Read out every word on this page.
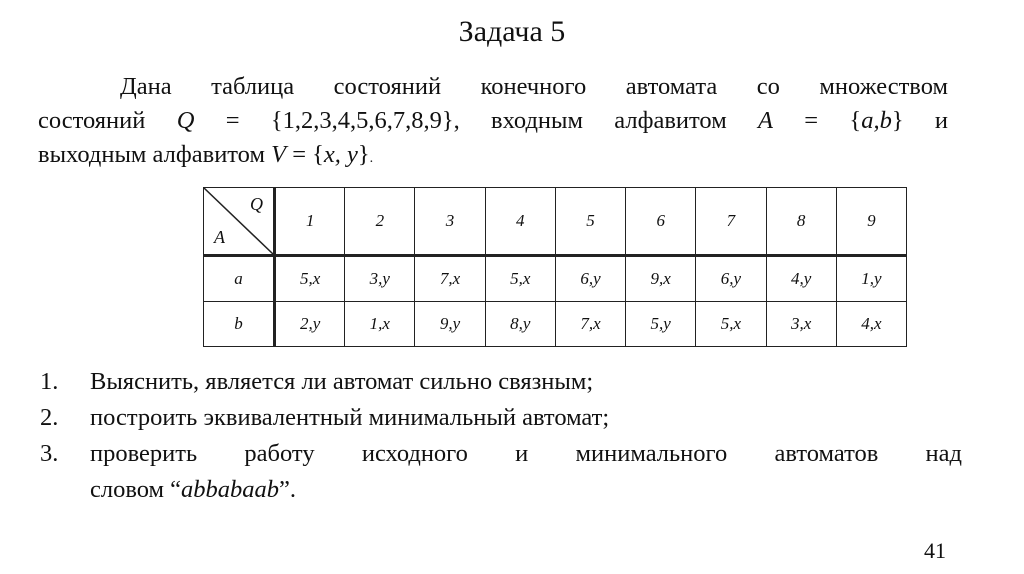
Задача 5
Дана таблица состояний конечного автомата со множеством
состояний Q = {1,2,3,4,5,6,7,8,9}, входным алфавитом A = {a,b} и
выходным алфавитом V = {x, y}.
Q
A	1	2	3	4	5	6	7	8	9
a	5,x	3,y	7,x	5,x	6,y	9,x	6,y	4,y	1,y
b	2,y	1,x	9,y	8,y	7,x	5,y	5,x	3,x	4,x
1.	Выяснить, является ли автомат сильно связным;
2.	построить эквивалентный минимальный автомат;
3.	проверить работу исходного и минимального автоматов над
словом “abbabaab”.
41
